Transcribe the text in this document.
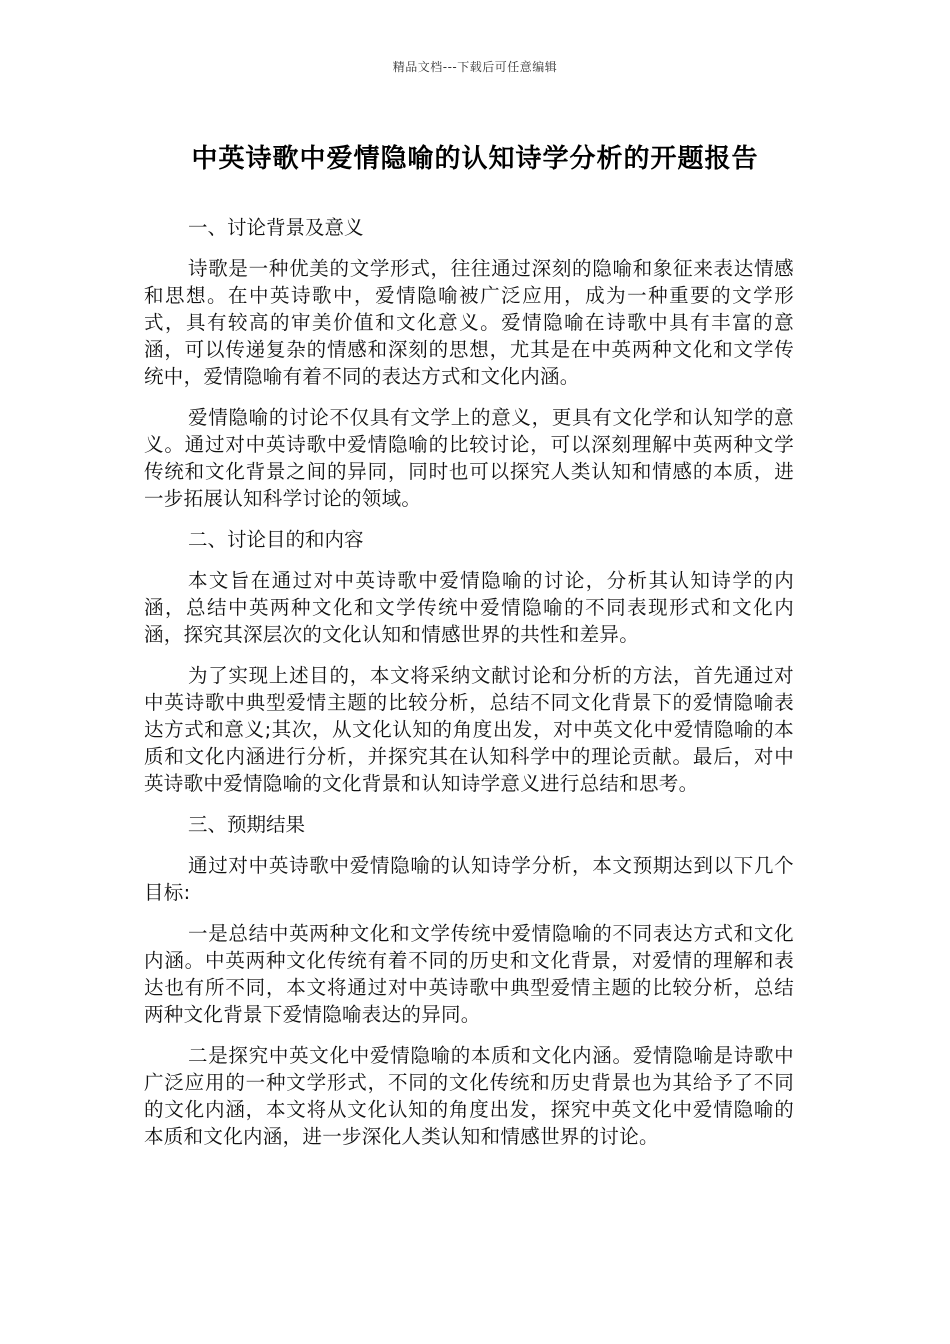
精品文档---下载后可任意编辑
中英诗歌中爱情隐喻的认知诗学分析的开题报告
一、讨论背景及意义

诗歌是一种优美的文学形式，往往通过深刻的隐喻和象征来表达情感和思想。在中英诗歌中，爱情隐喻被广泛应用，成为一种重要的文学形式，具有较高的审美价值和文化意义。爱情隐喻在诗歌中具有丰富的意涵，可以传递复杂的情感和深刻的思想，尤其是在中英两种文化和文学传统中，爱情隐喻有着不同的表达方式和文化内涵。

爱情隐喻的讨论不仅具有文学上的意义，更具有文化学和认知学的意义。通过对中英诗歌中爱情隐喻的比较讨论，可以深刻理解中英两种文学传统和文化背景之间的异同，同时也可以探究人类认知和情感的本质，进一步拓展认知科学讨论的领域。

二、讨论目的和内容

本文旨在通过对中英诗歌中爱情隐喻的讨论，分析其认知诗学的内涵，总结中英两种文化和文学传统中爱情隐喻的不同表现形式和文化内涵，探究其深层次的文化认知和情感世界的共性和差异。

为了实现上述目的，本文将采纳文献讨论和分析的方法，首先通过对中英诗歌中典型爱情主题的比较分析，总结不同文化背景下的爱情隐喻表达方式和意义;其次，从文化认知的角度出发，对中英文化中爱情隐喻的本质和文化内涵进行分析，并探究其在认知科学中的理论贡献。最后，对中英诗歌中爱情隐喻的文化背景和认知诗学意义进行总结和思考。

三、预期结果

通过对中英诗歌中爱情隐喻的认知诗学分析，本文预期达到以下几个目标:

一是总结中英两种文化和文学传统中爱情隐喻的不同表达方式和文化内涵。中英两种文化传统有着不同的历史和文化背景，对爱情的理解和表达也有所不同，本文将通过对中英诗歌中典型爱情主题的比较分析，总结两种文化背景下爱情隐喻表达的异同。

二是探究中英文化中爱情隐喻的本质和文化内涵。爱情隐喻是诗歌中广泛应用的一种文学形式，不同的文化传统和历史背景也为其给予了不同的文化内涵，本文将从文化认知的角度出发，探究中英文化中爱情隐喻的本质和文化内涵，进一步深化人类认知和情感世界的讨论。
